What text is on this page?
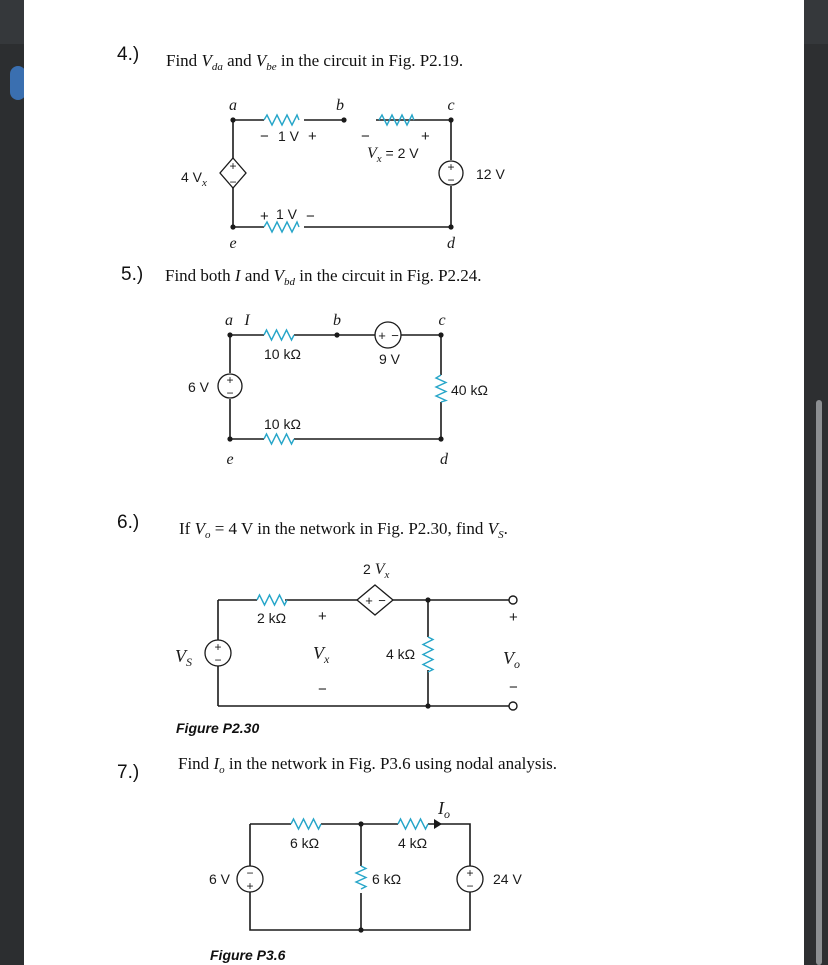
4.) Find $V_{da}$ and $V_{be}$ in the circuit in Fig. P2.19.
+
−
+
−
a	b	c
d
e
− 1 V +	−	+
$V_x = 2$ V
+ 1 V −
4 $V_x$
12 V
+ −
+
−
a I	b	c
d
e
10 kΩ
10 kΩ
40 kΩ
6 V
9 V
+ −
+
−
2 $V_x$
2 kΩ
4 kΩ
$V_S$
+
$V_x$
−
+
$V_o$
−
−
+
+
−
6 kΩ
6 kΩ
4 kΩ
$I_o$
6 V	24 V
5.) Find both I and $V_{bd}$ in the circuit in Fig. P2.24.
6.) If $V_o = 4$ V in the network in Fig. P2.30, find $V_S$.
Figure P2.30
7.) Find $I_o$ in the network in Fig. P3.6 using nodal analysis.
Figure P3.6
